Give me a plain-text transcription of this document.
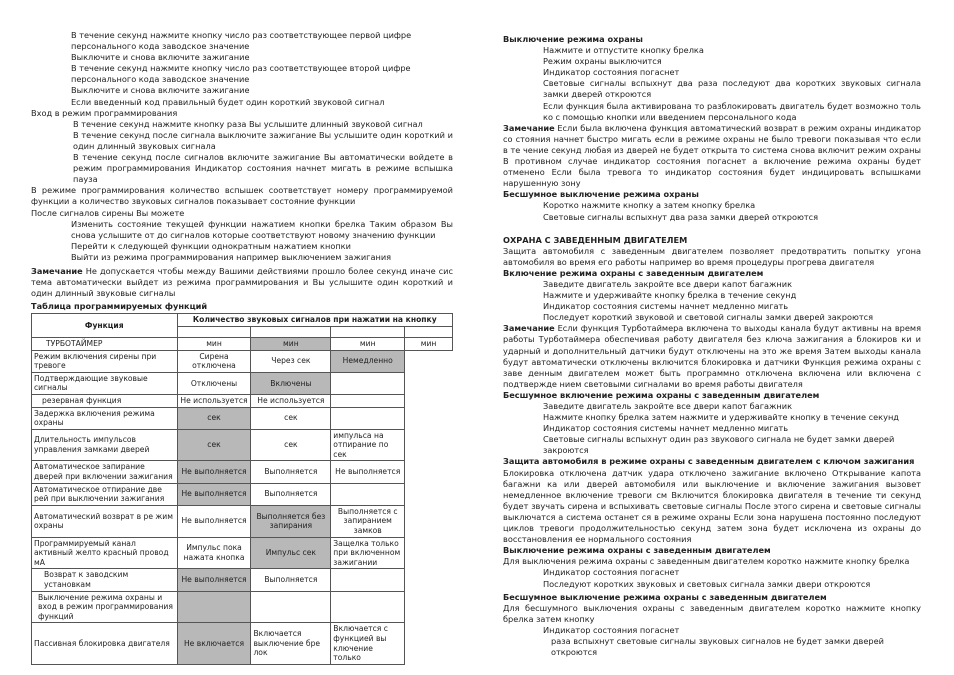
В течение секунд нажмите кнопку число раз соответствующее первой цифре

персонального кода заводское значение

Выключите и снова включите зажигание

В течение секунд нажмите кнопку число раз соответствующее второй цифре

персонального кода заводское значение

Выключите и снова включите зажигание

Если введенный код правильный будет один короткий звуковой сигнал

Вход в режим программирования

В течение секунд нажмите кнопку раза Вы услышите длинный звуковой сигнал

В течение секунд после сигнала выключите зажигание Вы услышите один короткий и один длинный звуковых сигнала

В течение секунд после сигналов включите зажигание Вы автоматически войдете в режим программирования Индикатор состояния начнет мигать в режиме вспышка пауза

В режиме программирования количество вспышек соответствует номеру программируемой функции а количество звуковых сигналов показывает состояние функции

После сигналов сирены Вы можете

Изменить состояние текущей функции нажатием кнопки брелка Таким образом Вы снова услышите от до сигналов которые соответствуют новому значению функции

Перейти к следующей функции однократным нажатием кнопки

Выйти из режима программирования например выключением зажигания

Замечание Не допускается чтобы между Вашими действиями прошло более секунд иначе сис тема автоматически выйдет из режима программирования и Вы услышите один короткий и один длинный звуковые сигналы

Таблица программируемых функций

Функция	Количество звуковых сигналов при нажатии на кнопку			

ТУРБОТАЙМЕР	мин	мин	мин	мин
Режим включения сирены при тревоге	Сирена отключена	Через сек	Немедленно	
Подтверждающие звуковые сигналы	Отключены	Включены		
резервная функция	Не используется	Не используется		
Задержка включения режима охраны	сек	сек		
Длительность импульсов управления замками дверей	сек	сек	импульса на отпирание по сек	
Автоматическое запирание дверей при включении зажигания	Не выполняется	Выполняется	Не выполняется	
Автоматическое отпирание две рей при выключении зажигания	Не выполняется	Выполняется		
Автоматический возврат в ре жим охраны	Не выполняется	Выполняется без запирания	Выполняется с запиранием замков	
Программируемый канал активный желто красный провод мА	Импульс пока нажата кнопка	Импульс сек	Защелка только при включенном зажигании	
Возврат к заводским установкам	Не выполняется	Выполняется		
Выключение режима охраны и вход в режим программирования функций				
Пассивная блокировка двигателя	Не включается	Включается выключение бре лок	Включается с функцией вы ключение только	

Выключение режима охраны

Нажмите и отпустите кнопку брелка

Режим охраны выключится

Индикатор состояния погаснет

Световые сигналы вспыхнут два раза последуют два коротких звуковых сигнала замки дверей откроются

Если функция была активирована то разблокировать двигатель будет возможно толь ко с помощью кнопки или введением персонального кода

Замечание Если была включена функция автоматический возврат в режим охраны индикатор со стояния начнет быстро мигать если в режиме охраны не было тревоги показывая что если в те чение секунд любая из дверей не будет открыта то система снова включит режим охраны В противном случае индикатор состояния погаснет а включение режима охраны будет отменено Если была тревога то индикатор состояния будет индицировать вспышками нарушенную зону

Бесшумное выключение режима охраны

Коротко нажмите кнопку а затем кнопку брелка

Световые сигналы вспыхнут два раза замки дверей откроются

ОХРАНА С ЗАВЕДЕННЫМ ДВИГАТЕЛЕМ

Защита автомобиля с заведенным двигателем позволяет предотвратить попытку угона автомобиля во время его работы например во время процедуры прогрева двигателя

Включение режима охраны с заведенным двигателем

Заведите двигатель закройте все двери капот багажник

Нажмите и удерживайте кнопку брелка в течение секунд

Индикатор состояния системы начнет медленно мигать

Последует короткий звуковой и световой сигналы замки дверей закроются

Замечание Если функция Турботаймера включена то выходы канала будут активны на время работы Турботаймера обеспечивая работу двигателя без ключа зажигания а блокиров ки и ударный и дополнительный датчики будут отключены на это же время Затем выходы канала будут автоматически отключены включится блокировка и датчики Функция режима охраны с заве денным двигателем может быть программно отключена включена или включена с подтвержде нием световыми сигналами во время работы двигателя

Бесшумное включение режима охраны с заведенным двигателем

Заведите двигатель закройте все двери капот багажник

Нажмите кнопку брелка затем нажмите и удерживайте кнопку в течение секунд

Индикатор состояния системы начнет медленно мигать

Световые сигналы вспыхнут один раз звукового сигнала не будет замки дверей закроются

Защита автомобиля в режиме охраны с заведенным двигателем с ключом зажигания

Блокировка отключена датчик удара отключено зажигание включено Открывание капота багажни ка или дверей автомобиля или выключение и включение зажигания вызовет немедленное включение тревоги см Включится блокировка двигателя в течение ти секунд будет звучать сирена и вспыхивать световые сигналы После этого сирена и световые сигналы выключатся а система останет ся в режиме охраны Если зона нарушена постоянно последуют циклов тревоги продолжительностью секунд затем зона будет исключена из охраны до восстановления ее нормального состояния

Выключение режима охраны с заведенным двигателем

Для выключения режима охраны с заведенным двигателем коротко нажмите кнопку брелка

Индикатор состояния погаснет

Последуют коротких звуковых и световых сигнала замки двери откроются

Бесшумное выключение режима охраны с заведенным двигателем

Для бесшумного выключения охраны с заведенным двигателем коротко нажмите кнопку брелка затем кнопку

Индикатор состояния погаснет

раза вспыхнут световые сигналы звуковых сигналов не будет замки дверей откроются
